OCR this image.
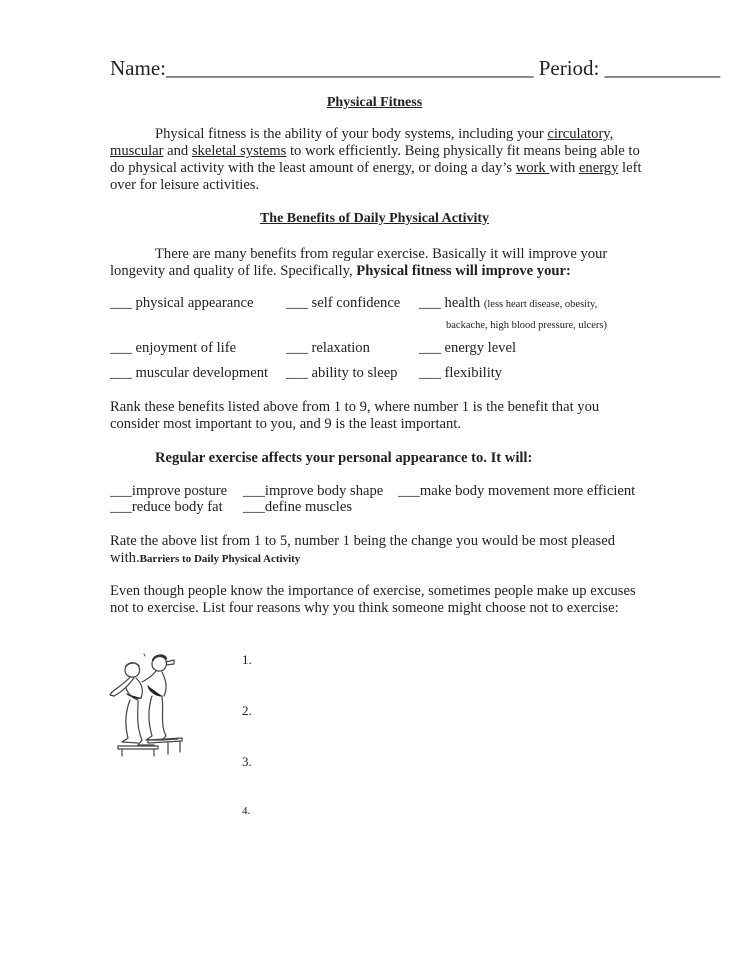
Name:___________________________________ Period: ___________
Physical Fitness
Physical fitness is the ability of your body systems, including your circulatory, muscular and skeletal systems to work efficiently. Being physically fit means being able to do physical activity with the least amount of energy, or doing a day’s work with energy left over for leisure activities.
The Benefits of Daily Physical Activity
There are many benefits from regular exercise. Basically it will improve your longevity and quality of life. Specifically, Physical fitness will improve your:
___ physical appearance ___ self confidence ___ health (less heart disease, obesity,
backache, high blood pressure, ulcers)
___ enjoyment of life	___ relaxation	___ energy level
___ muscular development ___ ability to sleep ___ flexibility
Rank these benefits listed above from 1 to 9, where number 1 is the benefit that you consider most important to you, and 9 is the least important.
Regular exercise affects your personal appearance to. It will:
___improve posture ___improve body shape ___make body movement more efficient
___reduce body fat ___define muscles
Rate the above list from 1 to 5, number 1 being the change you would be most pleased
with.Barriers to Daily Physical Activity
Even though people know the importance of exercise, sometimes people make up excuses not to exercise. List four reasons why you think someone might choose not to exercise:
1.
2.
3.
4.
